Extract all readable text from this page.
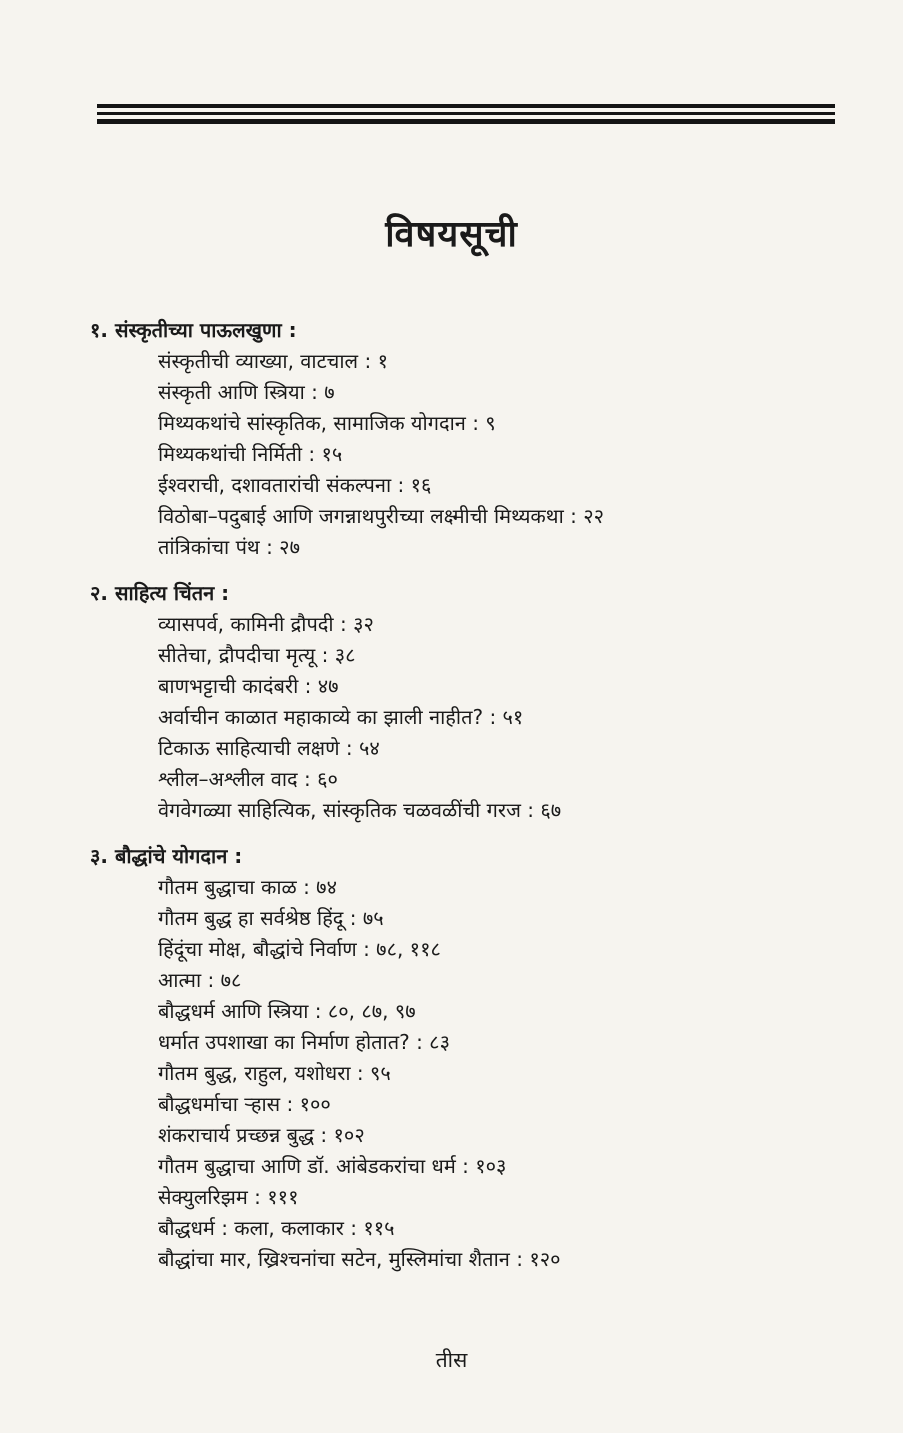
विषयसूची
१. संस्कृतीच्या पाऊलखुणा :
संस्कृतीची व्याख्या, वाटचाल : १
संस्कृती आणि स्त्रिया : ७
मिथ्यकथांचे सांस्कृतिक, सामाजिक योगदान : ९
मिथ्यकथांची निर्मिती : १५
ईश्वराची, दशावतारांची संकल्पना : १६
विठोबा–पदुबाई आणि जगन्नाथपुरीच्या लक्ष्मीची मिथ्यकथा : २२
तांत्रिकांचा पंथ : २७
२. साहित्य चिंतन :
व्यासपर्व, कामिनी द्रौपदी : ३२
सीतेचा, द्रौपदीचा मृत्यू : ३८
बाणभट्टाची कादंबरी : ४७
अर्वाचीन काळात महाकाव्ये का झाली नाहीत? : ५१
टिकाऊ साहित्याची लक्षणे : ५४
श्लील–अश्लील वाद : ६०
वेगवेगळ्या साहित्यिक, सांस्कृतिक चळवळींची गरज : ६७
३. बौद्धांचे योगदान :
गौतम बुद्धाचा काळ : ७४
गौतम बुद्ध हा सर्वश्रेष्ठ हिंदू : ७५
हिंदूंचा मोक्ष, बौद्धांचे निर्वाण : ७८, ११८
आत्मा : ७८
बौद्धधर्म आणि स्त्रिया : ८०, ८७, ९७
धर्मात उपशाखा का निर्माण होतात? : ८३
गौतम बुद्ध, राहुल, यशोधरा : ९५
बौद्धधर्माचा ऱ्हास : १००
शंकराचार्य प्रच्छन्न बुद्ध : १०२
गौतम बुद्धाचा आणि डॉ. आंबेडकरांचा धर्म : १०३
सेक्युलरिझम : १११
बौद्धधर्म : कला, कलाकार : ११५
बौद्धांचा मार, ख्रिश्चनांचा सटेन, मुस्लिमांचा शैतान : १२०
तीस
